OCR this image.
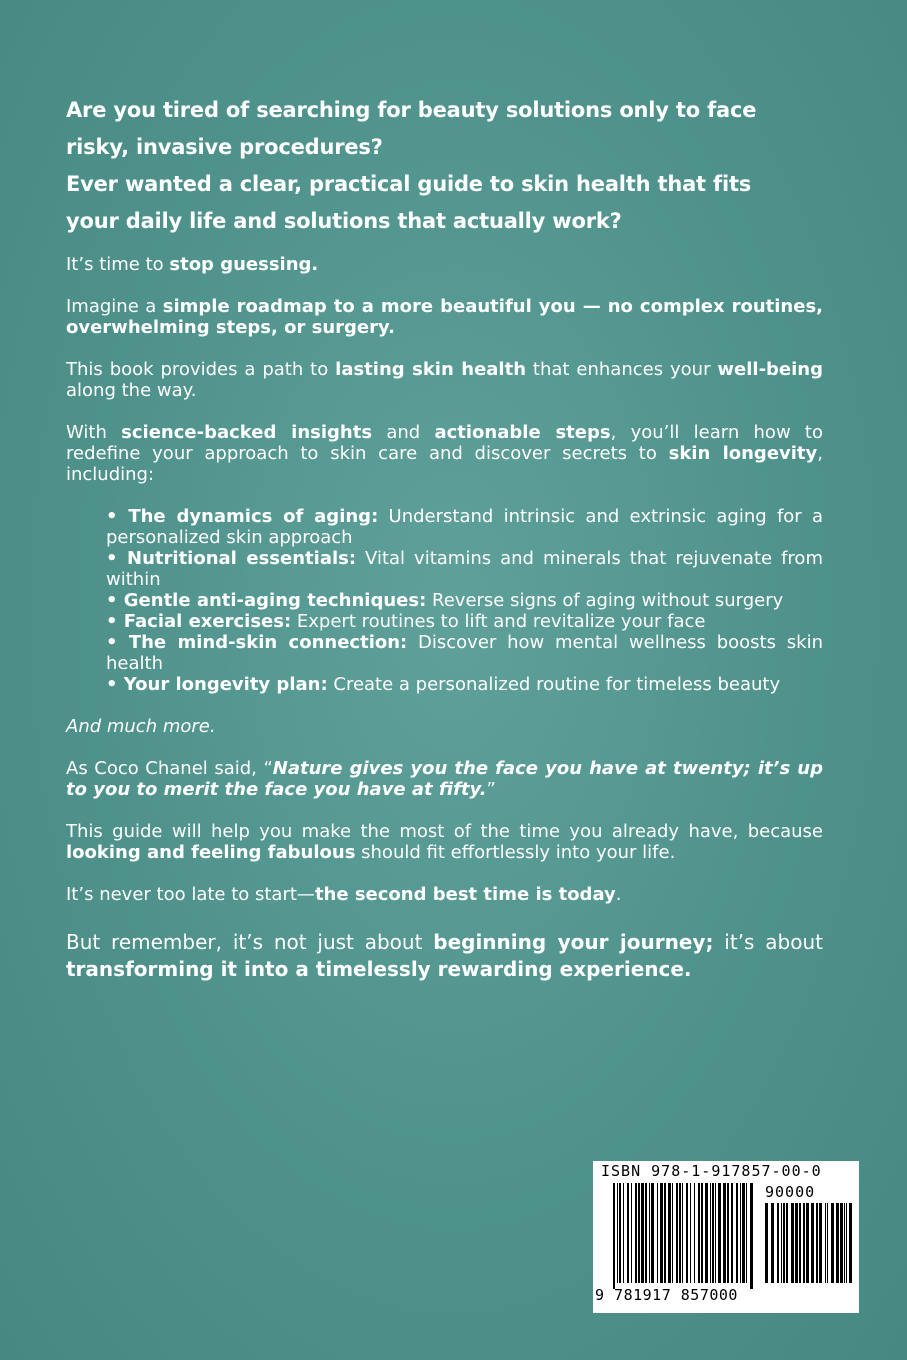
Are you tired of searching for beauty solutions only to face
risky, invasive procedures?
Ever wanted a clear, practical guide to skin health that fits
your daily life and solutions that actually work?

It’s time to stop guessing.

Imagine a simple roadmap to a more beautiful you — no complex routines, overwhelming steps, or surgery.

This book provides a path to lasting skin health that enhances your well-being along the way.

With science-backed insights and actionable steps, you’ll learn how to redefine your approach to skin care and discover secrets to skin longevity, including:

• The dynamics of aging: Understand intrinsic and extrinsic aging for a personalized skin approach
• Nutritional essentials: Vital vitamins and minerals that rejuvenate from within
• Gentle anti-aging techniques: Reverse signs of aging without surgery
• Facial exercises: Expert routines to lift and revitalize your face
• The mind-skin connection: Discover how mental wellness boosts skin health
• Your longevity plan: Create a personalized routine for timeless beauty

And much more.

As Coco Chanel said, “Nature gives you the face you have at twenty; it’s up to you to merit the face you have at fifty.”

This guide will help you make the most of the time you already have, because looking and feeling fabulous should fit effortlessly into your life.

It’s never too late to start—the second best time is today.

But remember, it’s not just about beginning your journey; it’s about transforming it into a timelessly rewarding experience.

ISBN 978-1-917857-00-0
90000
9 781917 857000
